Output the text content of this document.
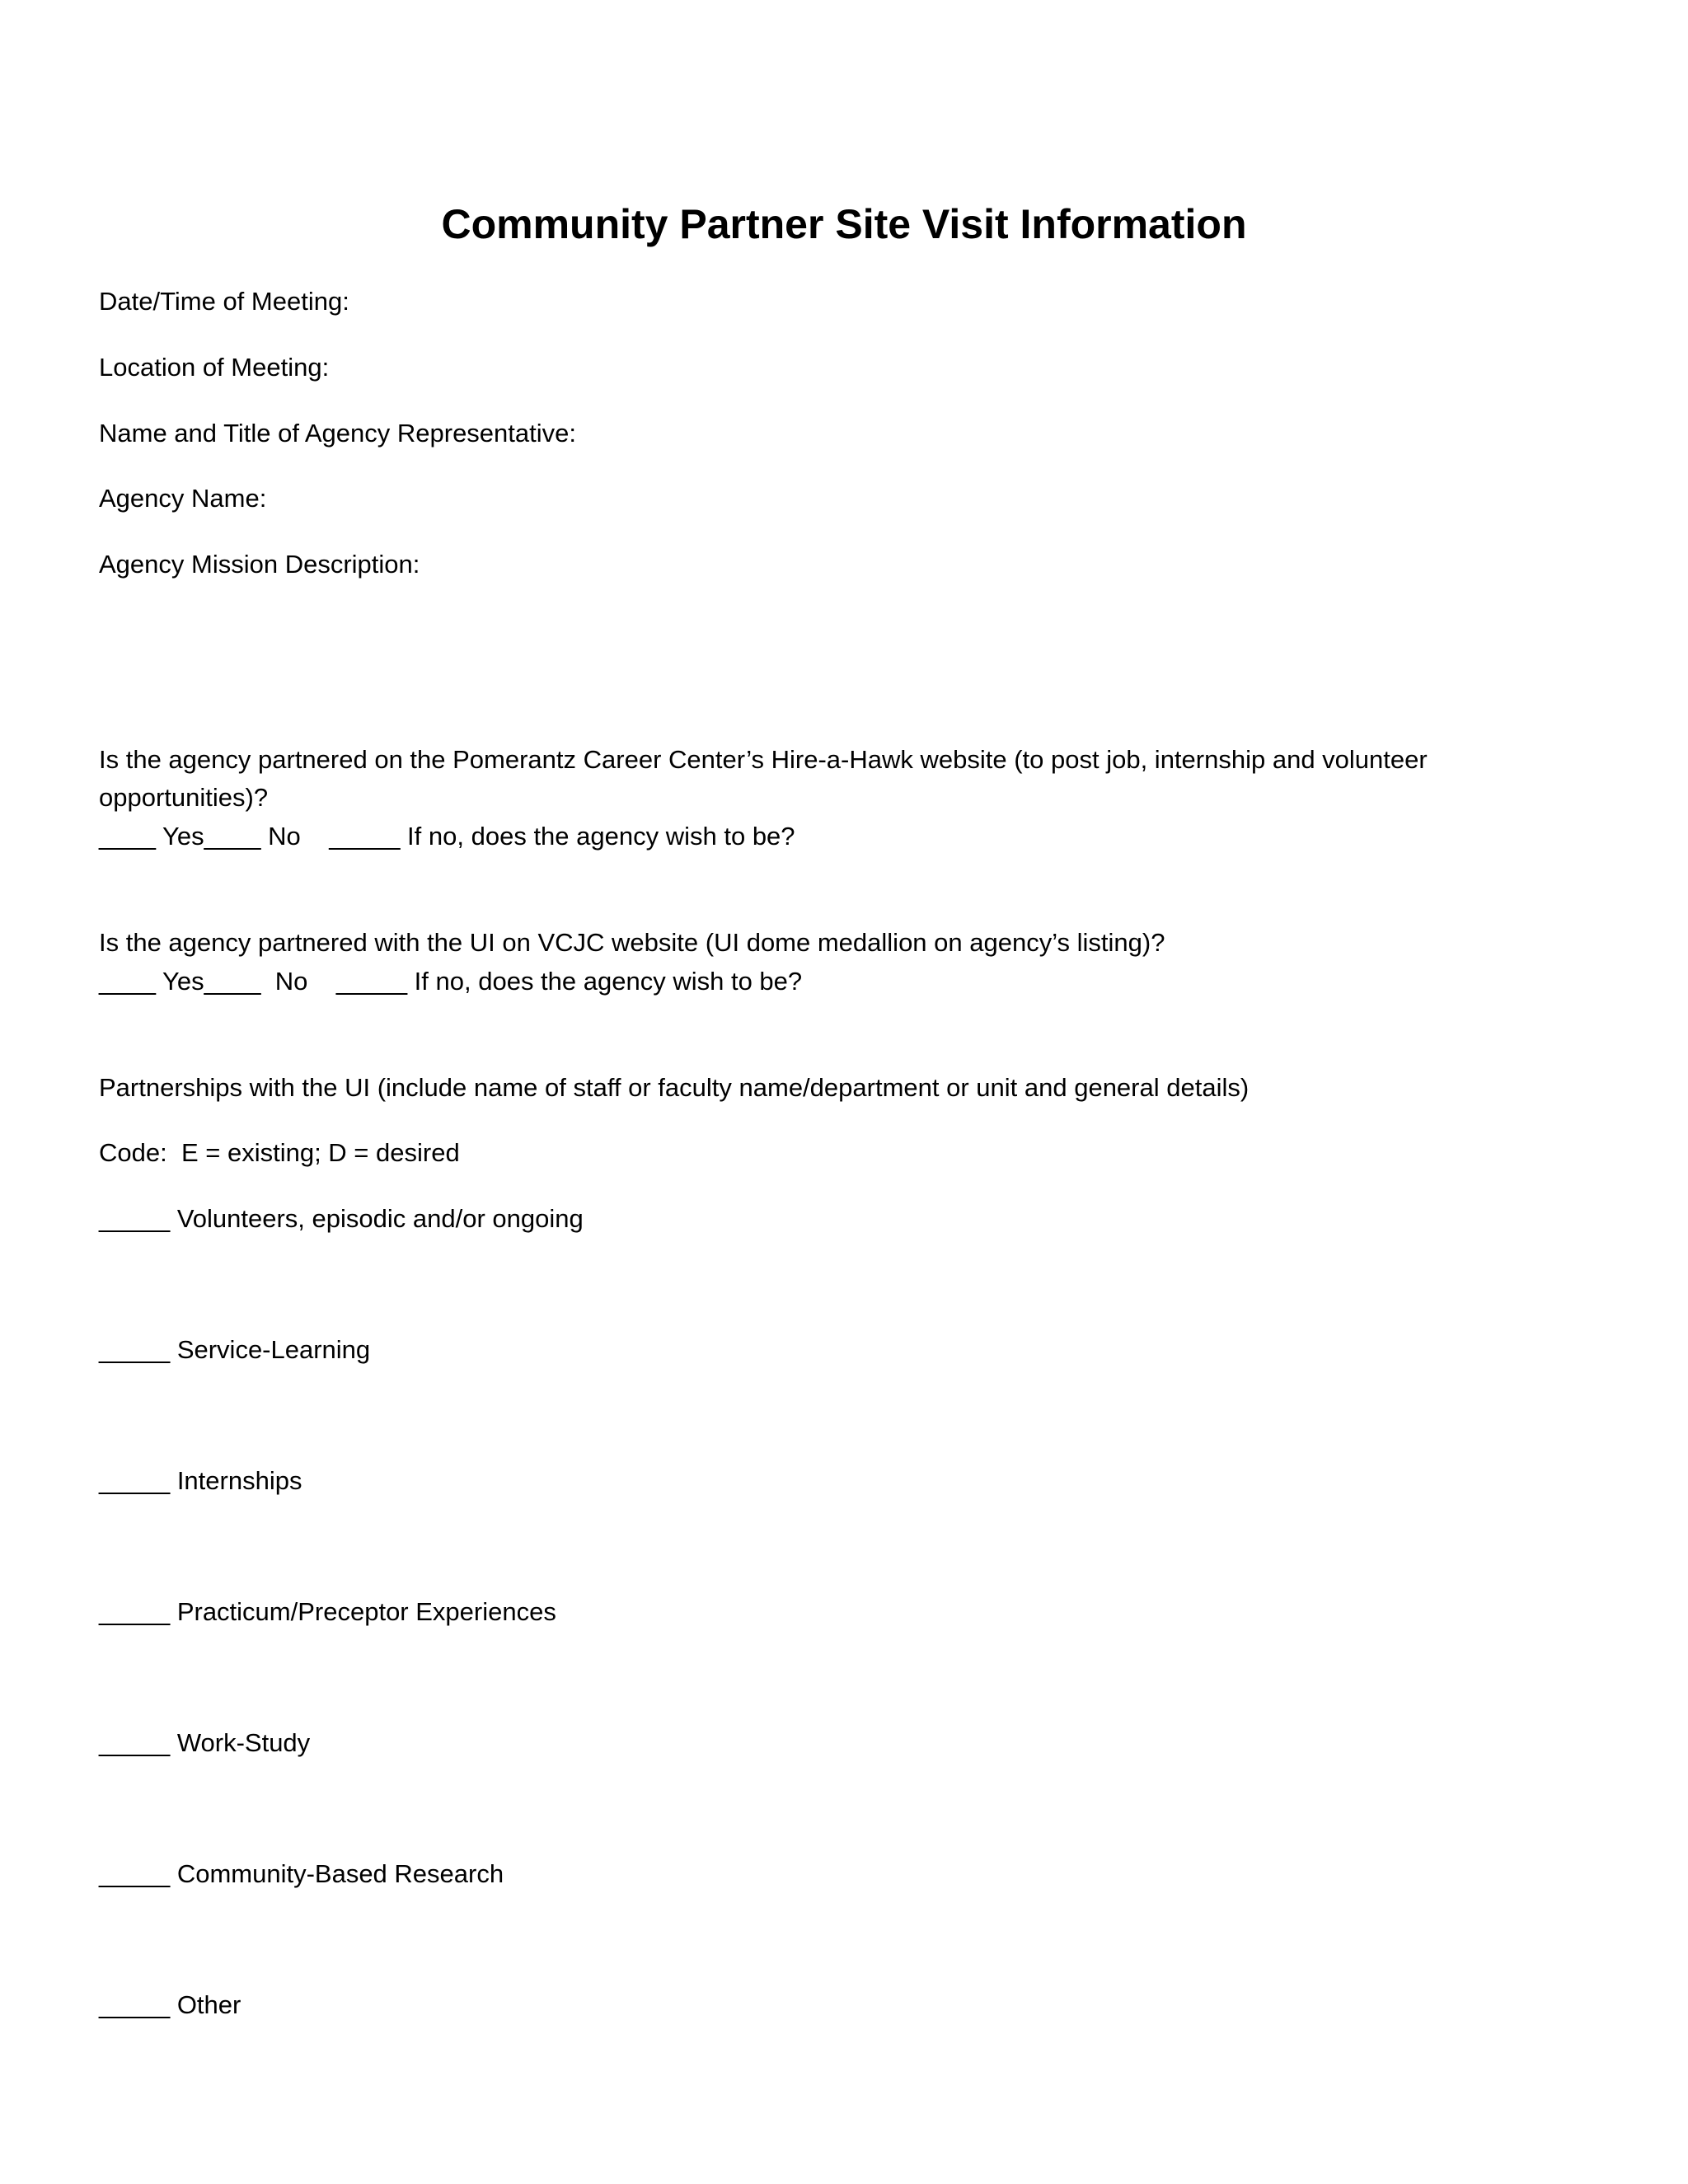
Community Partner Site Visit Information
Date/Time of Meeting:
Location of Meeting:
Name and Title of Agency Representative:
Agency Name:
Agency Mission Description:
Is the agency partnered on the Pomerantz Career Center’s Hire-a-Hawk website (to post job, internship and volunteer
opportunities)?
____ Yes____ No    _____ If no, does the agency wish to be?
Is the agency partnered with the UI on VCJC website (UI dome medallion on agency’s listing)?
____ Yes____  No    _____ If no, does the agency wish to be?
Partnerships with the UI (include name of staff or faculty name/department or unit and general details)
Code:  E = existing; D = desired
_____ Volunteers, episodic and/or ongoing
_____ Service-Learning
_____ Internships
_____ Practicum/Preceptor Experiences
_____ Work-Study
_____ Community-Based Research
_____ Other
